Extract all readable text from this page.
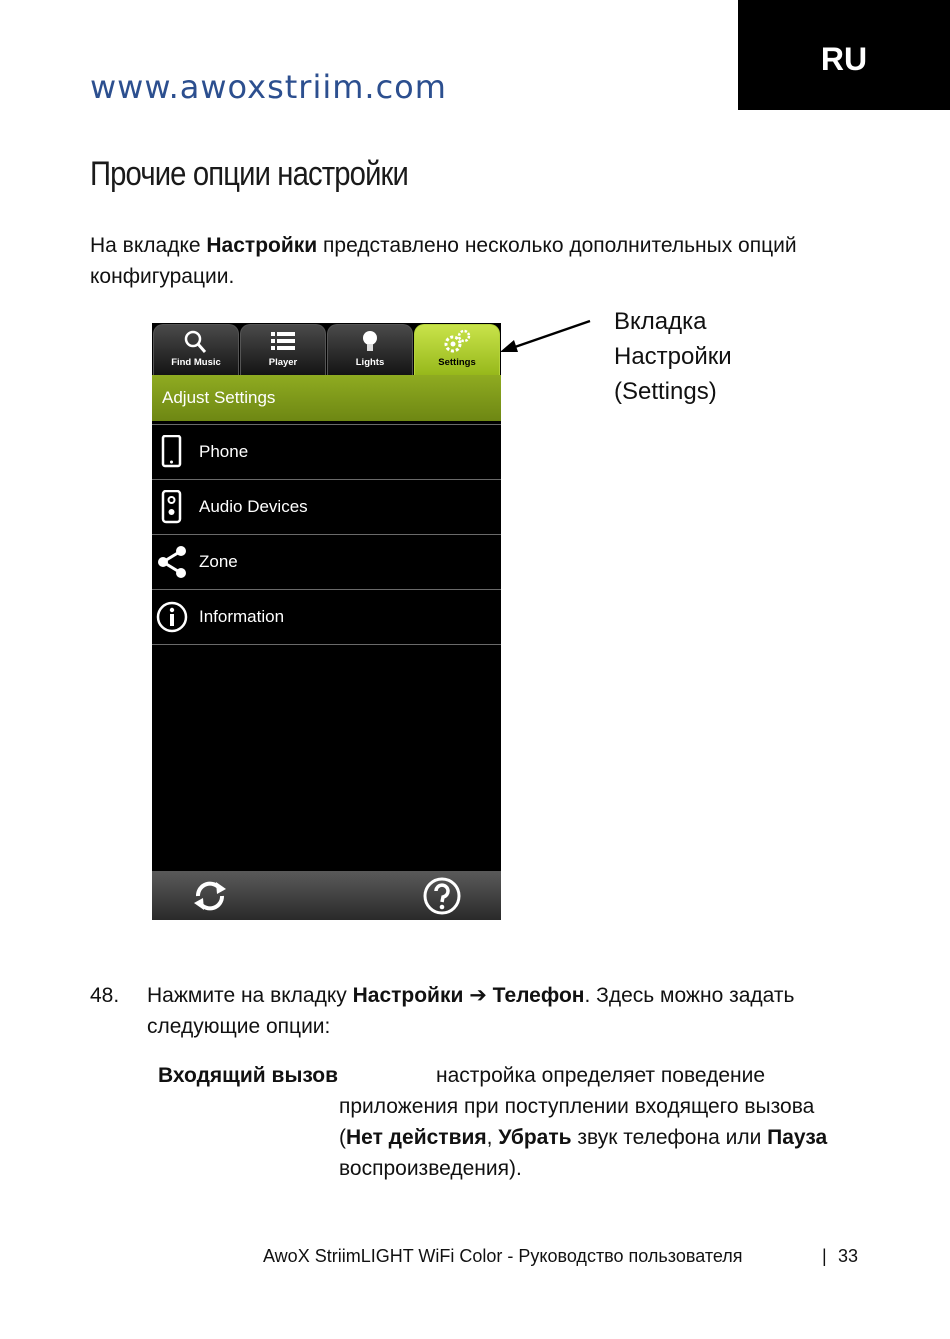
www.awoxstriim.com
RU
Прочие опции настройки

На вкладке Настройки представлено несколько дополнительных опций конфигурации.

Find Music	Player	Lights	Settings
Adjust Settings
Phone
Audio Devices
Zone
Information
Вкладка
Настройки
(Settings)
48. Нажмите на вкладку Настройки ➔ Телефон. Здесь можно задать следующие опции:

Входящий вызов	настройка определяет поведение

приложения при поступлении входящего вызова (Нет действия, Убрать звук телефона или Пауза воспроизведения).

AwoX StriimLIGHT WiFi Color - Руководство пользователя	| 33
